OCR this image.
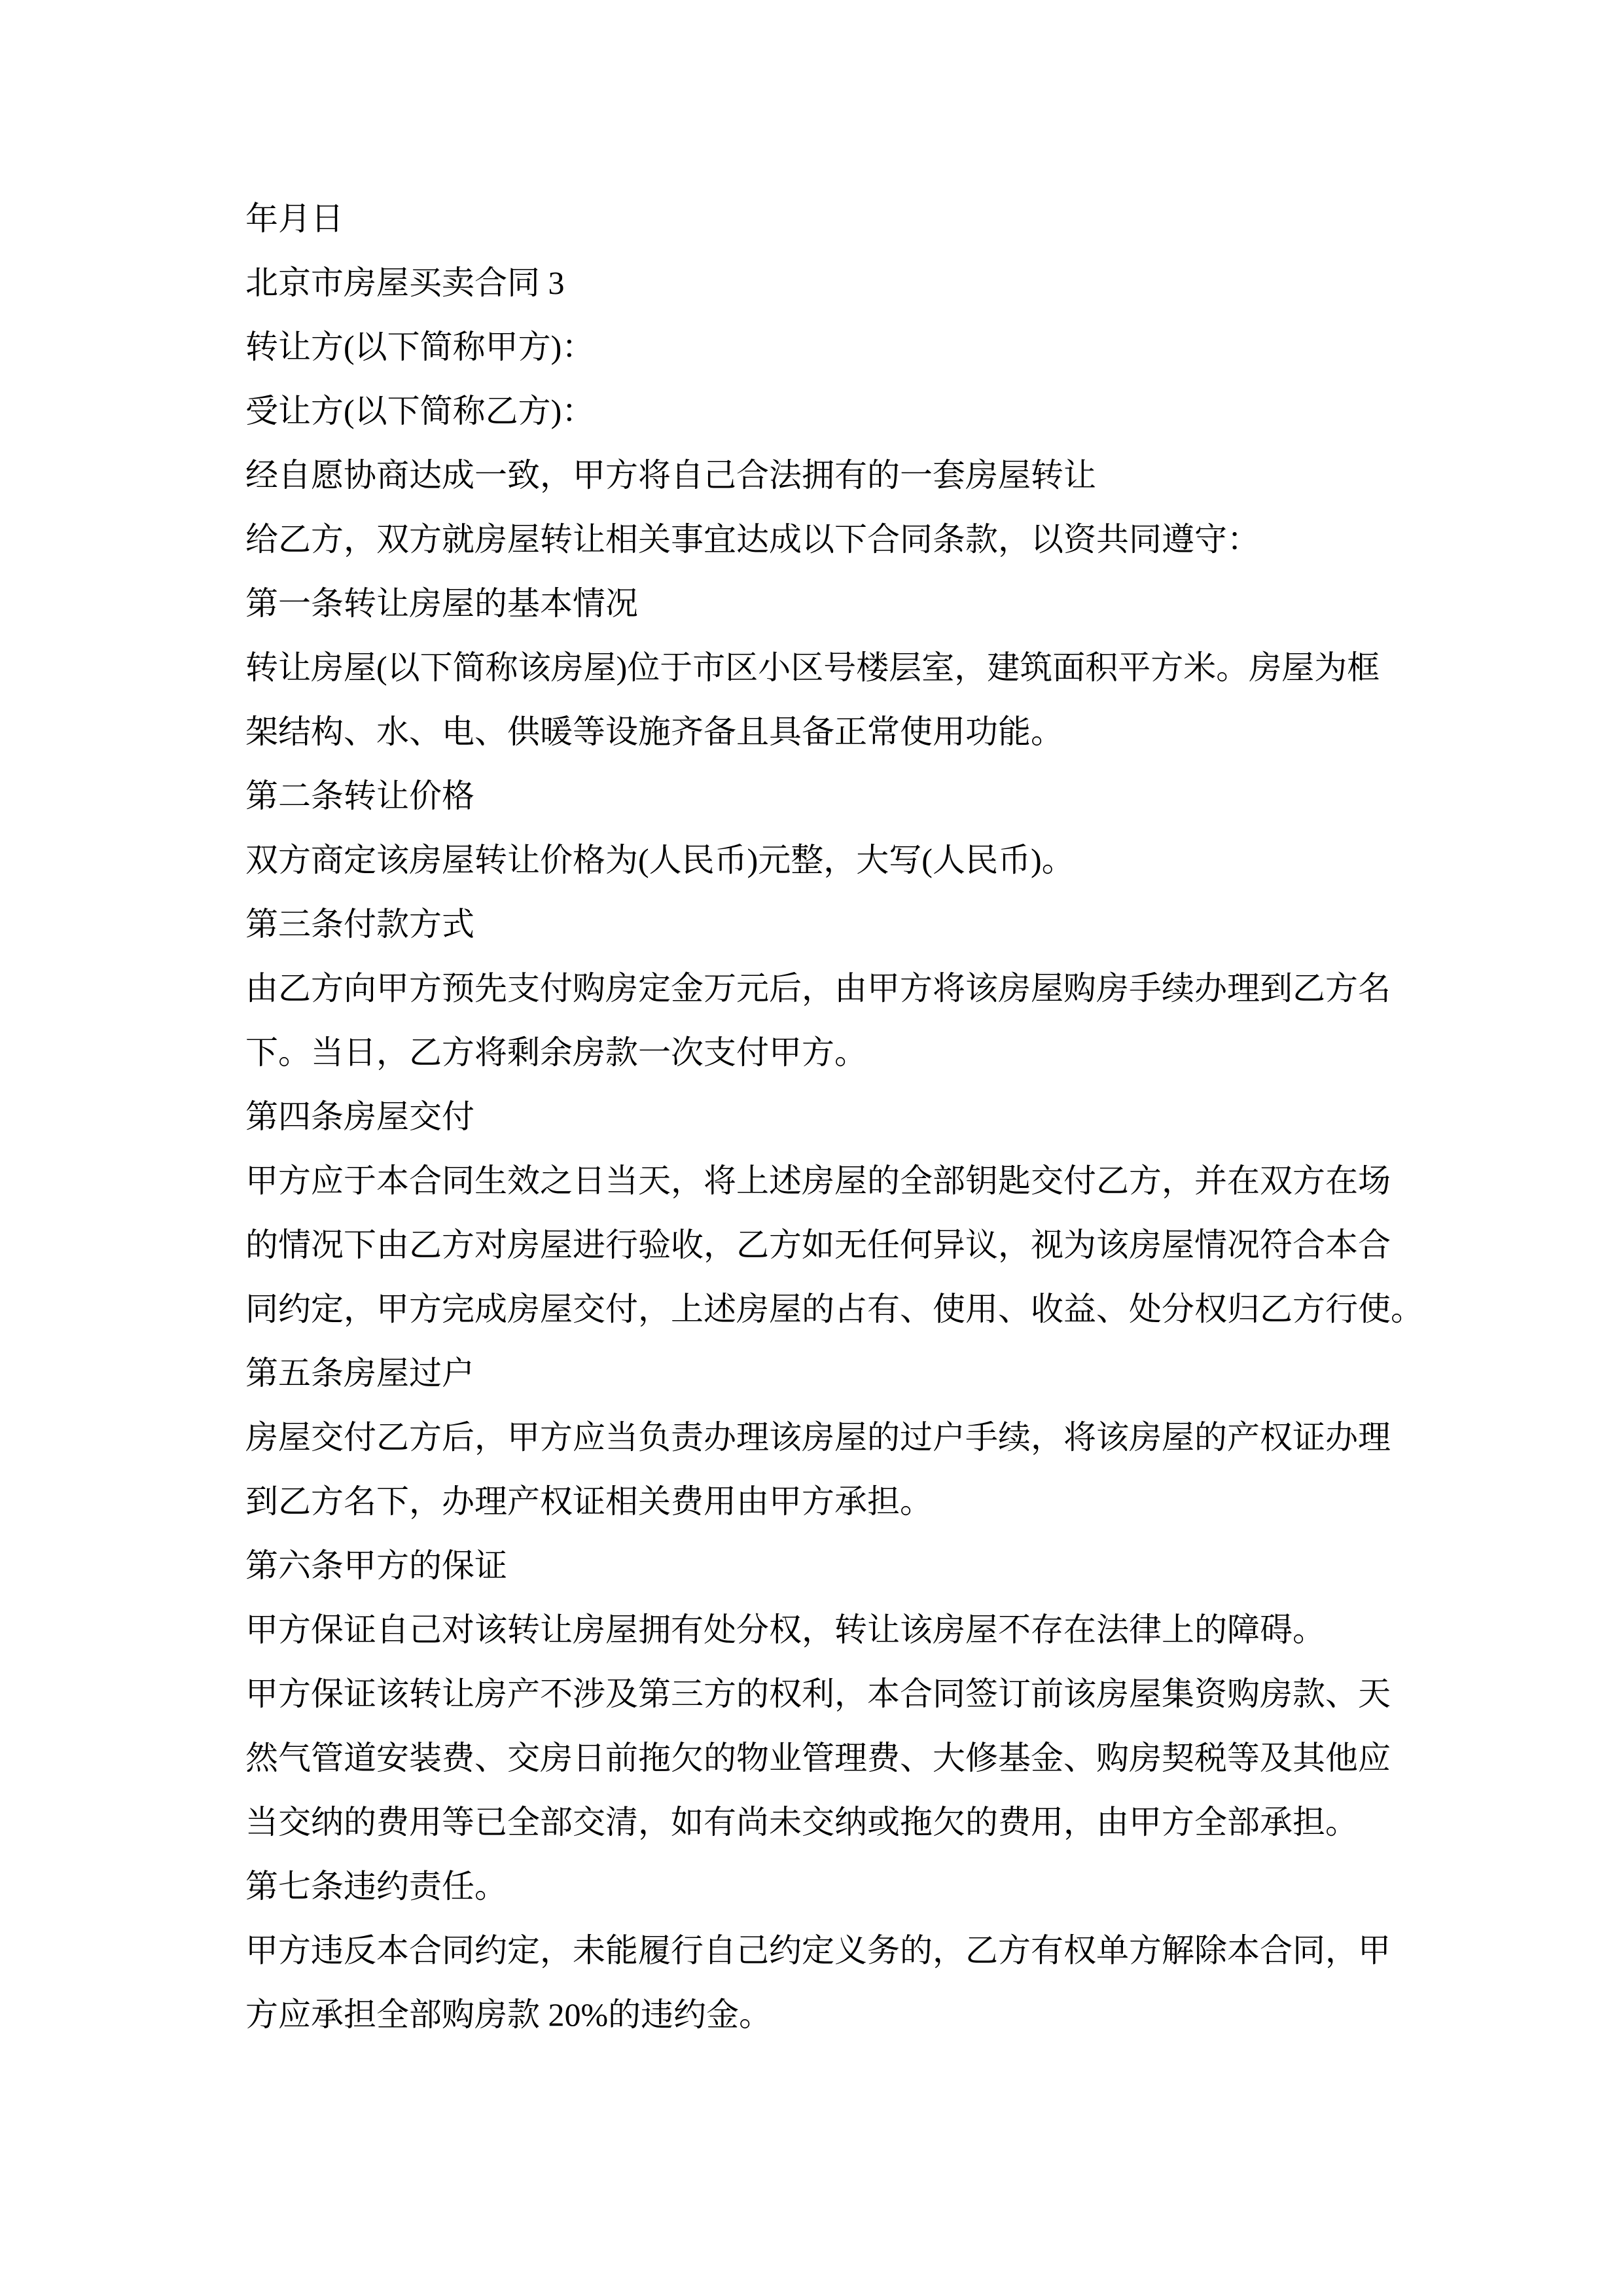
年月日
北京市房屋买卖合同 3
转让方(以下简称甲方)：
受让方(以下简称乙方)：
经自愿协商达成一致，甲方将自己合法拥有的一套房屋转让
给乙方，双方就房屋转让相关事宜达成以下合同条款，以资共同遵守：
第一条转让房屋的基本情况
转让房屋(以下简称该房屋)位于市区小区号楼层室，建筑面积平方米。房屋为框
架结构、水、电、供暖等设施齐备且具备正常使用功能。
第二条转让价格
双方商定该房屋转让价格为(人民币)元整，大写(人民币)。
第三条付款方式
由乙方向甲方预先支付购房定金万元后，由甲方将该房屋购房手续办理到乙方名
下。当日，乙方将剩余房款一次支付甲方。
第四条房屋交付
甲方应于本合同生效之日当天，将上述房屋的全部钥匙交付乙方，并在双方在场
的情况下由乙方对房屋进行验收，乙方如无任何异议，视为该房屋情况符合本合
同约定，甲方完成房屋交付，上述房屋的占有、使用、收益、处分权归乙方行使。
第五条房屋过户
房屋交付乙方后，甲方应当负责办理该房屋的过户手续，将该房屋的产权证办理
到乙方名下，办理产权证相关费用由甲方承担。
第六条甲方的保证
甲方保证自己对该转让房屋拥有处分权，转让该房屋不存在法律上的障碍。
甲方保证该转让房产不涉及第三方的权利，本合同签订前该房屋集资购房款、天
然气管道安装费、交房日前拖欠的物业管理费、大修基金、购房契税等及其他应
当交纳的费用等已全部交清，如有尚未交纳或拖欠的费用，由甲方全部承担。
第七条违约责任。
甲方违反本合同约定，未能履行自己约定义务的，乙方有权单方解除本合同，甲
方应承担全部购房款 20%的违约金。
